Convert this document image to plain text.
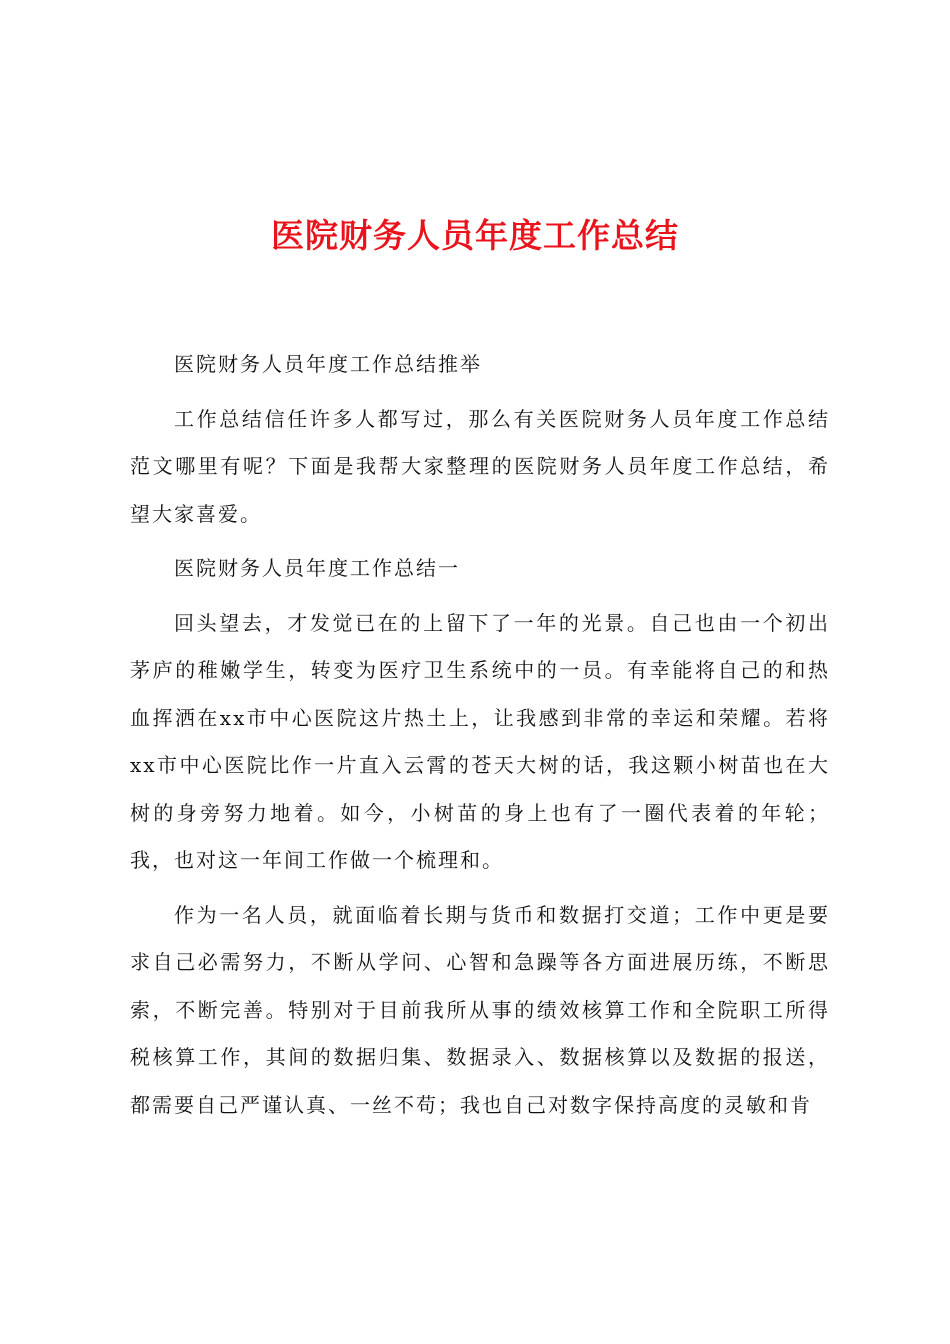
医院财务人员年度工作总结

医院财务人员年度工作总结推举

工作总结信任许多人都写过，那么有关医院财务人员年度工作总结范文哪里有呢？下面是我帮大家整理的医院财务人员年度工作总结，希望大家喜爱。

医院财务人员年度工作总结一

回头望去，才发觉已在的上留下了一年的光景。自己也由一个初出茅庐的稚嫩学生，转变为医疗卫生系统中的一员。有幸能将自己的和热血挥洒在xx市中心医院这片热土上，让我感到非常的幸运和荣耀。若将xx市中心医院比作一片直入云霄的苍天大树的话，我这颗小树苗也在大树的身旁努力地着。如今，小树苗的身上也有了一圈代表着的年轮；我，也对这一年间工作做一个梳理和。

作为一名人员，就面临着长期与货币和数据打交道；工作中更是要求自己必需努力，不断从学问、心智和急躁等各方面进展历练，不断思索，不断完善。特别对于目前我所从事的绩效核算工作和全院职工所得税核算工作，其间的数据归集、数据录入、数据核算以及数据的报送，都需要自己严谨认真、一丝不苟；我也自己对数字保持高度的灵敏和肯
